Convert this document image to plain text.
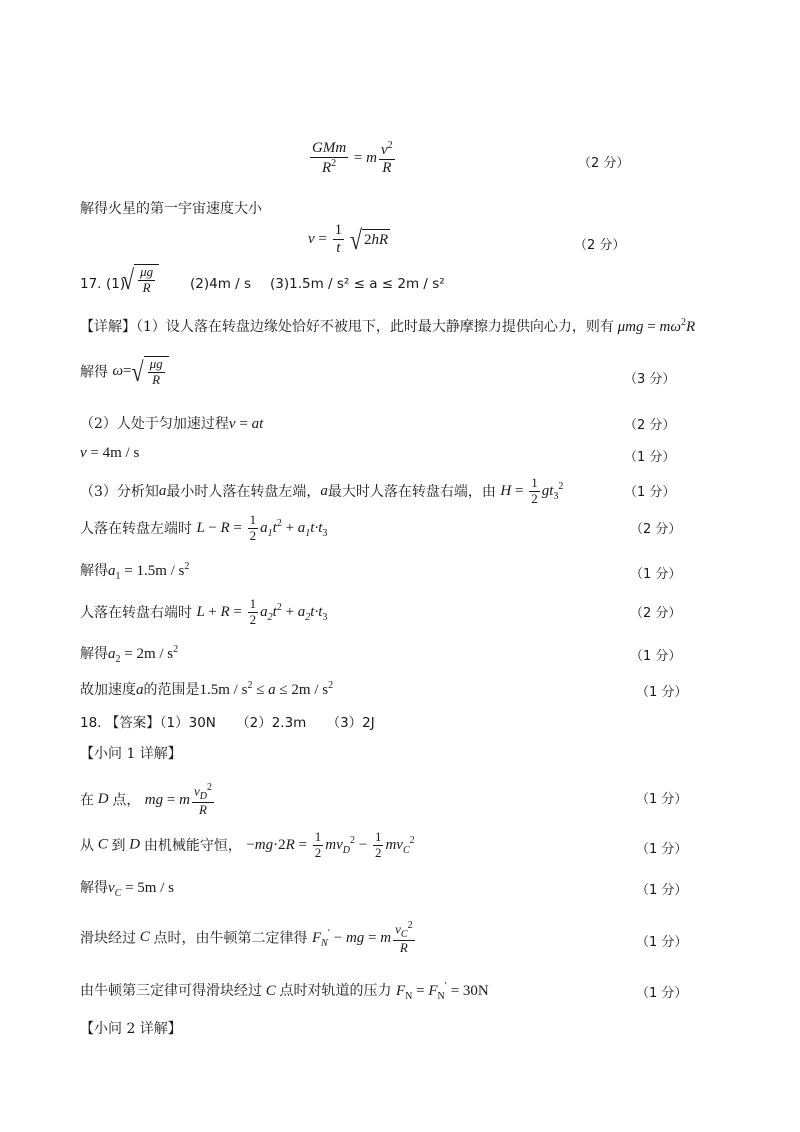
$\frac{\text{GMm}}{R^2} = m \frac{v^2}{R}$	（2 分）
解得火星的第一宇宙速度大小
$v = \frac{1}{t}$
√ 2 hR	（2 分）
17. (1)
√ $\frac{\mu g}{R}$	(2)4m / s (3)1.5m / s² ≤ a ≤ 2m / s²
【详解】（1）设人落在转盘边缘处恰好不被甩下，此时最大静摩擦力提供向心力，则有 $\mu mg = m\omega^2R$
解得 ω= √ $\frac{\mu g}{R}$	（3 分）
（2）人处于匀加速过程v = at	（2 分）
v = 4m / s	（1 分）
（3）分析知a最小时人落在转盘左端，a最大时人落在转盘右端，由 $H = \frac{1}{2} gt_3^2$	（1 分）
人落在转盘左端时 $L - R = \frac{1}{2} a_1t^2 + a_1t\cdot t_3$	（2 分）
解得$a_1 = 1.5m / s^2$
（1 分）
人落在转盘右端时 $L + R = \frac{1}{2} a_2t^2 + a_2t\cdot t_3$	（2 分）
解得$a_2 = 2m / s^2$	（1 分）
故加速度a的范围是$1.5m / s^2 \le a \le 2m / s^2$	（1 分）
18. 【答案】（1）30N　　（2）2.3m　　（3）2J
【小问 1 详解】
在 D 点， mg = m $\frac{v_D^2}{R}$	（1 分）
从 C 到 D 由机械能守恒， $-mg\cdot 2R = \frac{1}{2} mv_D^2 - \frac{1}{2} mv_C^2$
（1 分）
解得$v_C = 5m / s$	（1 分）
滑块经过 C 点时，由牛顿第二定律得 $F_N'$ − mg = m $\frac{v_C^2}{R}$	（1 分）
由牛顿第三定律可得滑块经过 C 点时对轨道的压力 $F_N = F_N' = 30N$	（1 分）
【小问 2 详解】
